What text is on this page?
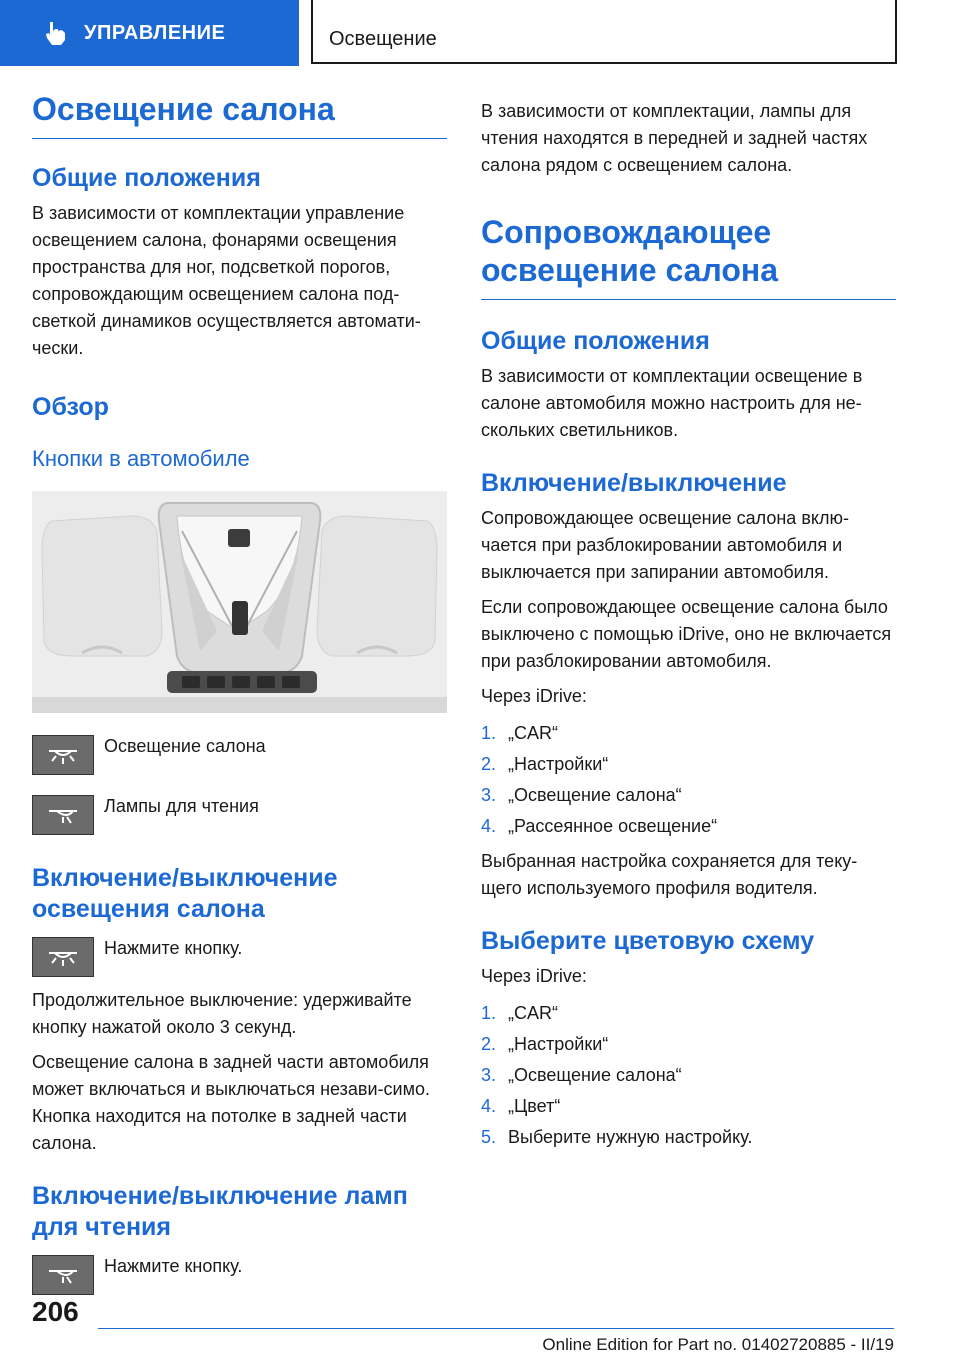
УПРАВЛЕНИЕ	Освещение
Освещение салона
Общие положения

В зависимости от комплектации управление освещением салона, фонарями освещения пространства для ног, подсветкой порогов, сопровождающим освещением салона под-светкой динамиков осуществляется автомати-чески.

Обзор
Кнопки в автомобиле

Освещение салона

Лампы для чтения

Включение/выключение освещения салона

Нажмите кнопку.

Продолжительное выключение: удерживайте кнопку нажатой около 3 секунд.

Освещение салона в задней части автомобиля может включаться и выключаться незави-симо. Кнопка находится на потолке в задней части салона.

Включение/выключение ламп для чтения

Нажмите кнопку.

В зависимости от комплектации, лампы для чтения находятся в передней и задней частях салона рядом с освещением салона.

Сопровождающее освещение салона
Общие положения

В зависимости от комплектации освещение в салоне автомобиля можно настроить для не-скольких светильников.

Включение/выключение

Сопровождающее освещение салона вклю-чается при разблокировании автомобиля и выключается при запирании автомобиля.

Если сопровождающее освещение салона было выключено с помощью iDrive, оно не включается при разблокировании автомобиля.

Через iDrive:

1. „CAR“
2. „Настройки“
3. „Освещение салона“
4. „Рассеянное освещение“

Выбранная настройка сохраняется для теку-щего используемого профиля водителя.

Выберите цветовую схему

Через iDrive:

1. „CAR“
2. „Настройки“
3. „Освещение салона“
4. „Цвет“
5. Выберите нужную настройку.
206
Online Edition for Part no. 01402720885 - II/19
